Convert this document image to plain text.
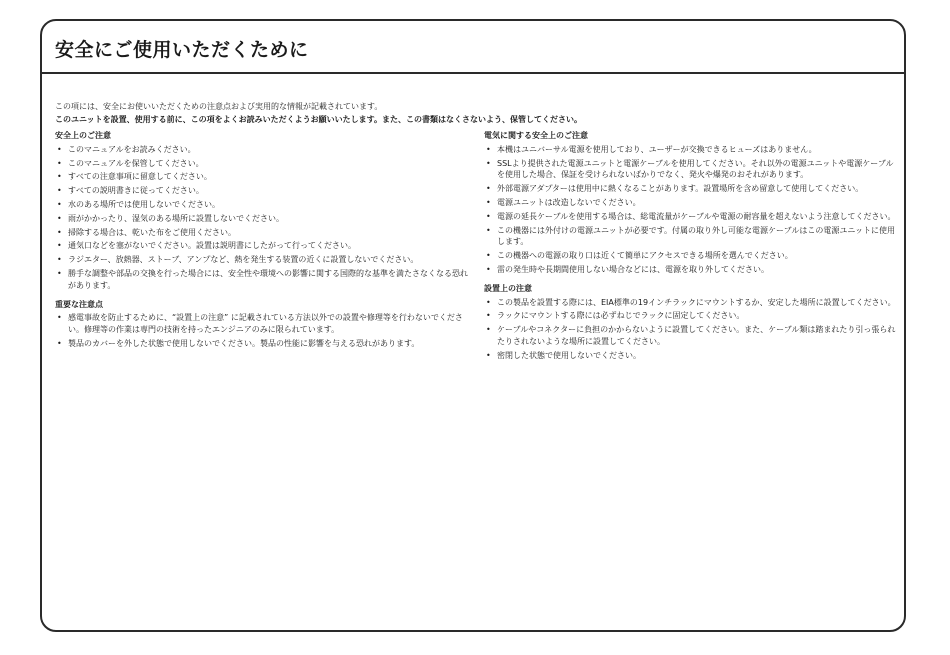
安全にご使用いただくために

この項には、安全にお使いいただくための注意点および実用的な情報が記載されています。

このユニットを設置、使用する前に、この項をよくお読みいただくようお願いいたします。また、この書類はなくさないよう、保管してください。

安全上のご注意
• このマニュアルをお読みください。
• このマニュアルを保管してください。
• すべての注意事項に留意してください。
• すべての説明書きに従ってください。
• 水のある場所では使用しないでください。
• 雨がかかったり、湿気のある場所に設置しないでください。
• 掃除する場合は、乾いた布をご使用ください。
• 通気口などを塞がないでください。設置は説明書にしたがって行ってください。
• ラジエター、放熱器、ストーブ、アンプなど、熱を発生する装置の近くに設置しないでください。
• 勝手な調整や部品の交換を行った場合には、安全性や環境への影響に関する国際的な基準を満たさなくなる恐れがあります。
重要な注意点
• 感電事故を防止するために、“設置上の注意” に記載されている方法以外での設置や修理等を行わないでください。修理等の作業は専門の技術を持ったエンジニアのみに限られています。
• 製品のカバーを外した状態で使用しないでください。製品の性能に影響を与える恐れがあります。
電気に関する安全上のご注意
• 本機はユニバーサル電源を使用しており、ユーザーが交換できるヒューズはありません。
• SSLより提供された電源ユニットと電源ケーブルを使用してください。それ以外の電源ユニットや電源ケーブルを使用した場合、保証を受けられないばかりでなく、発火や爆発のおそれがあります。
• 外部電源アダプターは使用中に熱くなることがあります。設置場所を含め留意して使用してください。
• 電源ユニットは改造しないでください。
• 電源の延長ケーブルを使用する場合は、総電流量がケーブルや電源の耐容量を超えないよう注意してください。
• この機器には外付けの電源ユニットが必要です。付属の取り外し可能な電源ケーブルはこの電源ユニットに使用します。
• この機器への電源の取り口は近くて簡単にアクセスできる場所を選んでください。
• 雷の発生時や長期間使用しない場合などには、電源を取り外してください。
設置上の注意
• この製品を設置する際には、EIA標準の19インチラックにマウントするか、安定した場所に設置してください。
• ラックにマウントする際には必ずねじでラックに固定してください。
• ケーブルやコネクターに負担のかからないように設置してください。また、ケーブル類は踏まれたり引っ張られたりされないような場所に設置してください。
• 密閉した状態で使用しないでください。
